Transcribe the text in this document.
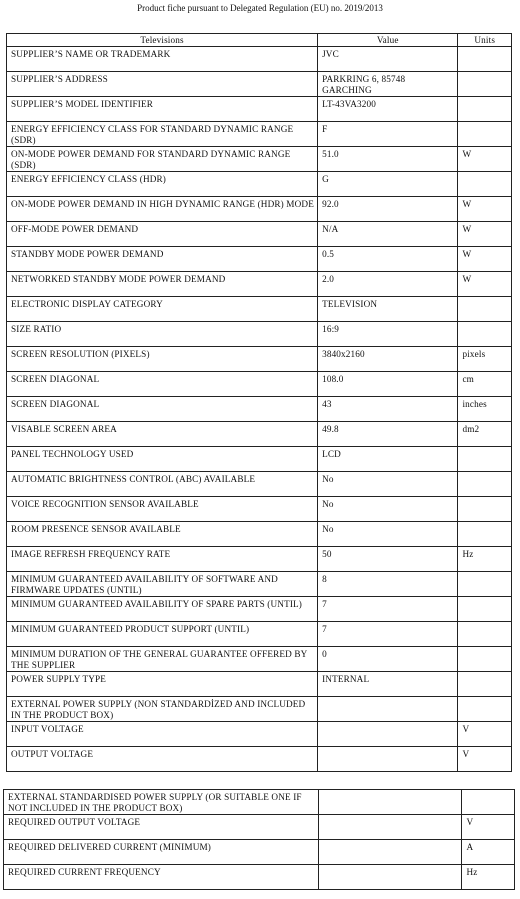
Product fiche pursuant to Delegated Regulation (EU) no. 2019/2013
Televisions	Value	Units
SUPPLIER’S NAME OR TRADEMARK	JVC	
SUPPLIER’S ADDRESS	PARKRING 6, 85748 GARCHING	
SUPPLIER’S MODEL IDENTIFIER	LT-43VA3200	
ENERGY EFFICIENCY CLASS FOR STANDARD DYNAMIC RANGE (SDR)	F	
ON-MODE POWER DEMAND FOR STANDARD DYNAMIC RANGE (SDR)	51.0	W
ENERGY EFFICIENCY CLASS (HDR)	G	
ON-MODE POWER DEMAND IN HIGH DYNAMIC RANGE (HDR) MODE	92.0	W
OFF-MODE POWER DEMAND	N/A	W
STANDBY MODE POWER DEMAND	0.5	W
NETWORKED STANDBY MODE POWER DEMAND	2.0	W
ELECTRONIC DISPLAY CATEGORY	TELEVISION	
SIZE RATIO	16:9	
SCREEN RESOLUTION (PIXELS)	3840x2160	pixels
SCREEN DIAGONAL	108.0	cm
SCREEN DIAGONAL	43	inches
VISABLE SCREEN AREA	49.8	dm2
PANEL TECHNOLOGY USED	LCD	
AUTOMATIC BRIGHTNESS CONTROL (ABC) AVAILABLE	No	
VOICE RECOGNITION SENSOR AVAILABLE	No	
ROOM PRESENCE SENSOR AVAILABLE	No	
IMAGE REFRESH FREQUENCY RATE	50	Hz
MINIMUM GUARANTEED AVAILABILITY OF SOFTWARE AND FIRMWARE UPDATES (UNTIL)	8	
MINIMUM GUARANTEED AVAILABILITY OF SPARE PARTS (UNTIL)	7	
MINIMUM GUARANTEED PRODUCT SUPPORT (UNTIL)	7	
MINIMUM DURATION OF THE GENERAL GUARANTEE OFFERED BY THE SUPPLIER	0	
POWER SUPPLY TYPE	INTERNAL	
EXTERNAL POWER SUPPLY (NON STANDARDİZED AND INCLUDED IN THE PRODUCT BOX)		
INPUT VOLTAGE		V
OUTPUT VOLTAGE		V
EXTERNAL STANDARDISED POWER SUPPLY (OR SUITABLE ONE IF NOT INCLUDED IN THE PRODUCT BOX)		
REQUIRED OUTPUT VOLTAGE		V
REQUIRED DELIVERED CURRENT (MINIMUM)		A
REQUIRED CURRENT FREQUENCY		Hz
